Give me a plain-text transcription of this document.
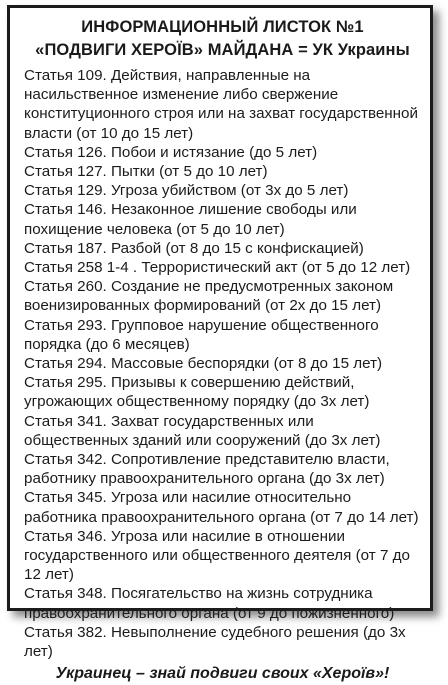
ИНФОРМАЦИОННЫЙ ЛИСТОК №1
«ПОДВИГИ ХЕРОЇВ» МАЙДАНА = УК Украины
Статья 109. Действия, направленные на насильственное изменение либо свержение конституционного строя или на захват государственной власти (от 10 до 15 лет)
Статья 126. Побои и истязание (до 5 лет)
Статья 127. Пытки (от 5 до 10 лет)
Статья 129. Угроза убийством (от 3х до 5 лет)
Статья 146. Незаконное лишение свободы или похищение человека (от 5 до 10 лет)
Статья 187. Разбой (от 8 до 15 с конфискацией)
Статья 258 1-4 . Террористический акт (от 5 до 12 лет)
Статья 260. Создание не предусмотренных законом военизированных формирований (от 2х до 15 лет)
Статья 293. Групповое нарушение общественного порядка (до 6 месяцев)
Статья 294. Массовые беспорядки (от 8 до 15 лет)
Статья 295. Призывы к совершению действий, угрожающих общественному порядку (до 3х лет)
Статья 341. Захват государственных или общественных зданий или сооружений (до 3х лет)
Статья 342. Сопротивление представителю власти, работнику правоохранительного органа (до 3х лет)
Статья 345. Угроза или насилие относительно работника правоохранительного органа (от 7 до 14 лет)
Статья 346. Угроза или насилие в отношении государственного или общественного деятеля (от 7 до 12 лет)
Статья 348. Посягательство на жизнь сотрудника правоохранительного органа (от 9 до пожизненного)
Статья 382. Невыполнение судебного решения (до 3х лет)
Украинец – знай подвиги своих «Хероїв»!
